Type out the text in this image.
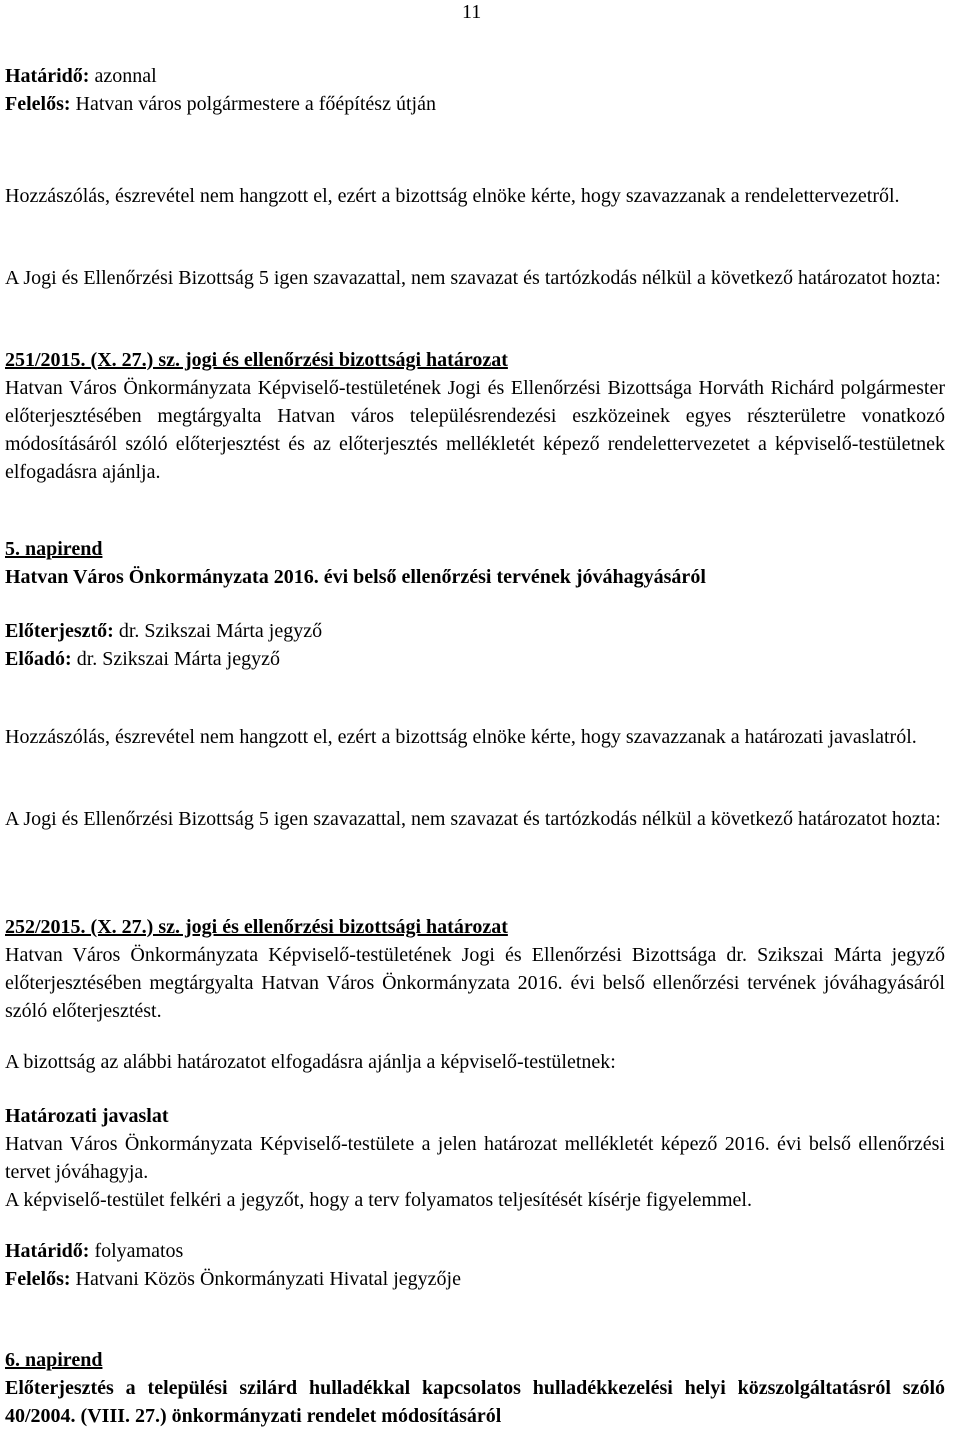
11

Határidő: azonnal

Felelős: Hatvan város polgármestere a főépítész útján

Hozzászólás, észrevétel nem hangzott el, ezért a bizottság elnöke kérte, hogy szavazzanak a rendelettervezetről.

A Jogi és Ellenőrzési Bizottság 5 igen szavazattal, nem szavazat és tartózkodás nélkül a következő határozatot hozta:

251/2015. (X. 27.) sz. jogi és ellenőrzési bizottsági határozat

Hatvan Város Önkormányzata Képviselő-testületének Jogi és Ellenőrzési Bizottsága Horváth Richárd polgármester előterjesztésében megtárgyalta Hatvan város településrendezési eszközeinek egyes részterületre vonatkozó módosításáról szóló előterjesztést és az előterjesztés mellékletét képező rendelettervezetet a képviselő-testületnek elfogadásra ajánlja.

5. napirend

Hatvan Város Önkormányzata 2016. évi belső ellenőrzési tervének jóváhagyásáról

Előterjesztő: dr. Szikszai Márta jegyző

Előadó: dr. Szikszai Márta jegyző

Hozzászólás, észrevétel nem hangzott el, ezért a bizottság elnöke kérte, hogy szavazzanak a határozati javaslatról.

A Jogi és Ellenőrzési Bizottság 5 igen szavazattal, nem szavazat és tartózkodás nélkül a következő határozatot hozta:

252/2015. (X. 27.) sz. jogi és ellenőrzési bizottsági határozat

Hatvan Város Önkormányzata Képviselő-testületének Jogi és Ellenőrzési Bizottsága dr. Szikszai Márta jegyző előterjesztésében megtárgyalta Hatvan Város Önkormányzata 2016. évi belső ellenőrzési tervének jóváhagyásáról szóló előterjesztést.

A bizottság az alábbi határozatot elfogadásra ajánlja a képviselő-testületnek:

Határozati javaslat

Hatvan Város Önkormányzata Képviselő-testülete a jelen határozat mellékletét képező 2016. évi belső ellenőrzési tervet jóváhagyja.

A képviselő-testület felkéri a jegyzőt, hogy a terv folyamatos teljesítését kísérje figyelemmel.

Határidő: folyamatos

Felelős: Hatvani Közös Önkormányzati Hivatal jegyzője

6. napirend

Előterjesztés a települési szilárd hulladékkal kapcsolatos hulladékkezelési helyi közszolgáltatásról szóló 40/2004. (VIII. 27.) önkormányzati rendelet módosításáról
